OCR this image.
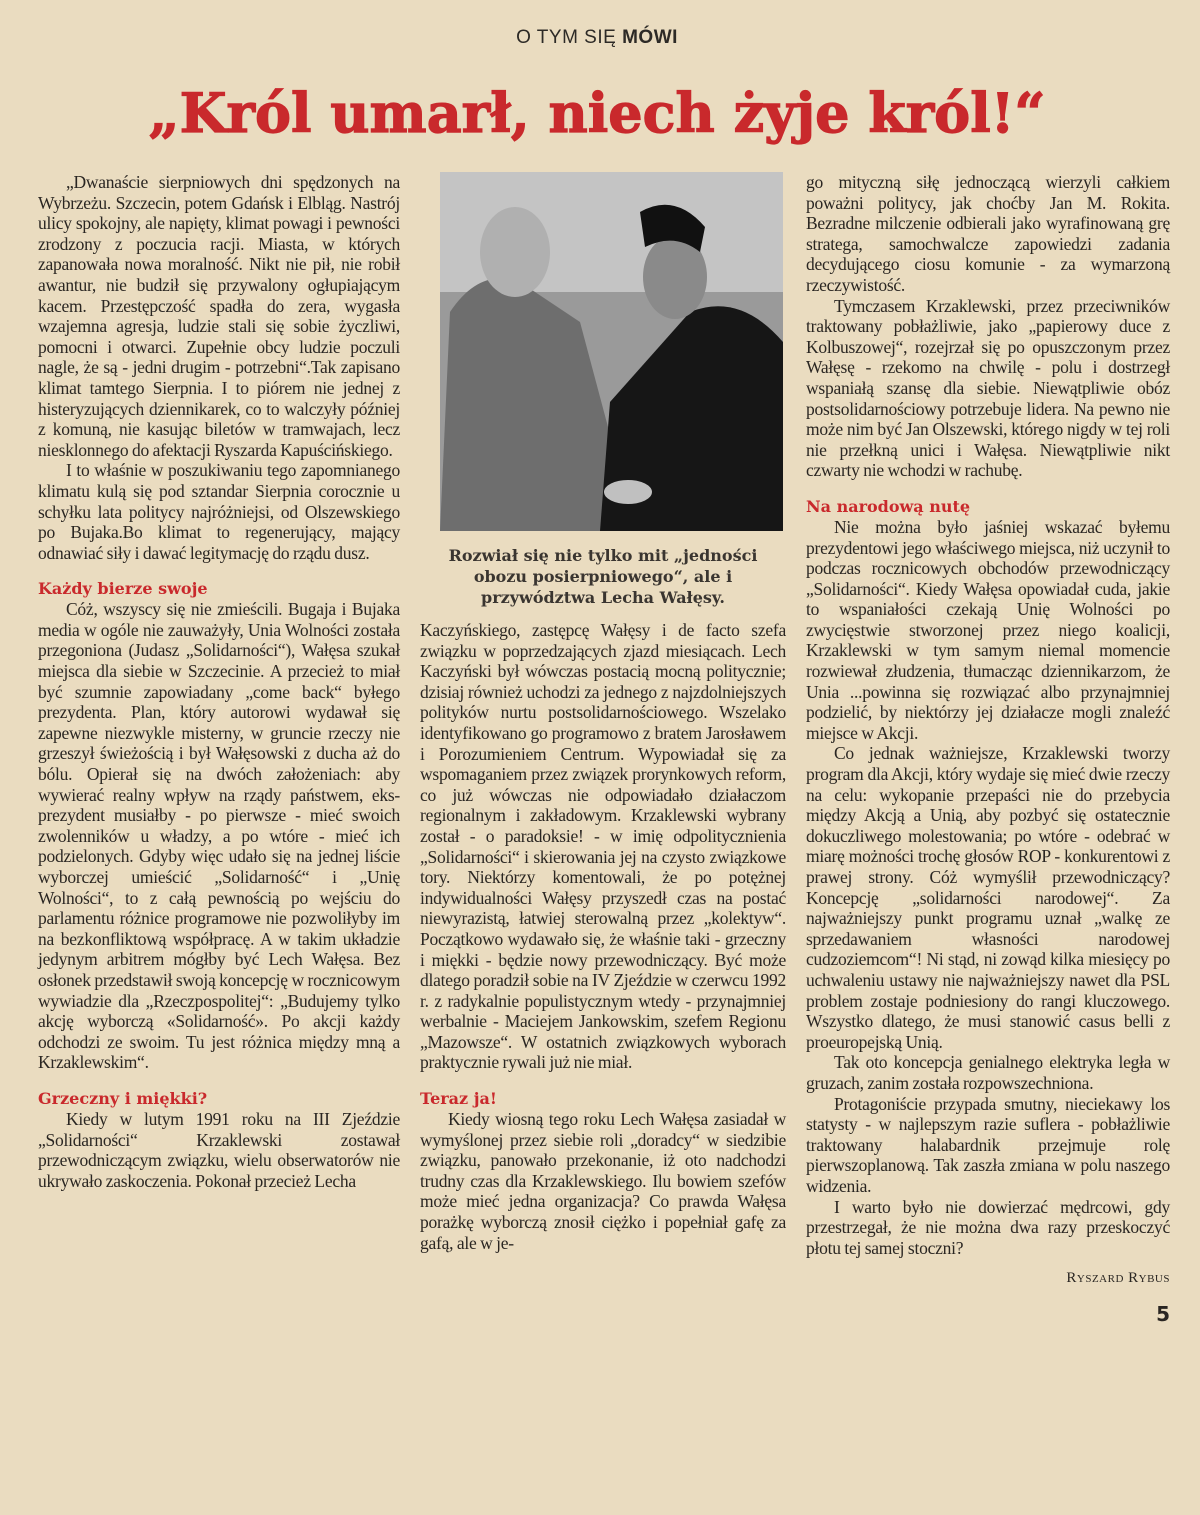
O TYM SIĘ MÓWI
„Król umarł, niech żyje król!“

„Dwanaście sierpniowych dni spędzonych na Wybrzeżu. Szczecin, potem Gdańsk i Elbląg. Nastrój ulicy spokojny, ale napięty, klimat powagi i pewności zrodzony z poczucia racji. Miasta, w których zapanowała nowa moralność. Nikt nie pił, nie robił awantur, nie budził się przywalony ogłupiającym kacem. Przestępczość spadła do zera, wygasła wzajemna agresja, ludzie stali się sobie życzliwi, pomocni i otwarci. Zupełnie obcy ludzie poczuli nagle, że są - jedni drugim - potrzebni“.Tak zapisano klimat tamtego Sierpnia. I to piórem nie jednej z histeryzujących dziennikarek, co to walczyły później z komuną, nie kasując biletów w tramwajach, lecz niesklonnego do afektacji Ryszarda Kapuścińskiego.

I to właśnie w poszukiwaniu tego zapomnianego klimatu kulą się pod sztandar Sierpnia corocznie u schyłku lata politycy najróżniejsi, od Olszewskiego po Bujaka.Bo klimat to regenerujący, mający odnawiać siły i dawać legitymację do rządu dusz.

Każdy bierze swoje

Cóż, wszyscy się nie zmieścili. Bugaja i Bujaka media w ogóle nie zauważyły, Unia Wolności została przegoniona (Judasz „Solidarności“), Wałęsa szukał miejsca dla siebie w Szczecinie. A przecież to miał być szumnie zapowiadany „come back“ byłego prezydenta. Plan, który autorowi wydawał się zapewne niezwykle misterny, w gruncie rzeczy nie grzeszył świeżością i był Wałęsowski z ducha aż do bólu. Opierał się na dwóch założeniach: aby wywierać realny wpływ na rządy państwem, eks-prezydent musiałby - po pierwsze - mieć swoich zwolenników u władzy, a po wtóre - mieć ich podzielonych. Gdyby więc udało się na jednej liście wyborczej umieścić „Solidarność“ i „Unię Wolności“, to z całą pewnością po wejściu do parlamentu różnice programowe nie pozwoliłyby im na bezkonfliktową współpracę. A w takim układzie jedynym arbitrem mógłby być Lech Wałęsa. Bez osłonek przedstawił swoją koncepcję w rocznicowym wywiadzie dla „Rzeczpospolitej“: „Budujemy tylko akcję wyborczą «Solidarność». Po akcji każdy odchodzi ze swoim. Tu jest różnica między mną a Krzaklewskim“.

Grzeczny i miękki?

Kiedy w lutym 1991 roku na III Zjeździe „Solidarności“ Krzaklewski zostawał przewodniczącym związku, wielu obserwatorów nie ukrywało zaskoczenia. Pokonał przecież Lecha

Rozwiał się nie tylko mit „jedności obozu posierpniowego“, ale i przywództwa Lecha Wałęsy.

Kaczyńskiego, zastępcę Wałęsy i de facto szefa związku w poprzedzających zjazd miesiącach. Lech Kaczyński był wówczas postacią mocną politycznie; dzisiaj również uchodzi za jednego z najzdolniejszych polityków nurtu postsolidarnościowego. Wszelako identyfikowano go programowo z bratem Jarosławem i Porozumieniem Centrum. Wypowiadał się za wspomaganiem przez związek prorynkowych reform, co już wówczas nie odpowiadało działaczom regionalnym i zakładowym. Krzaklewski wybrany został - o paradoksie! - w imię odpolitycznienia „Solidarności“ i skierowania jej na czysto związkowe tory. Niektórzy komentowali, że po potężnej indywidualności Wałęsy przyszedł czas na postać niewyrazistą, łatwiej sterowalną przez „kolektyw“. Początkowo wydawało się, że właśnie taki - grzeczny i miękki - będzie nowy przewodniczący. Być może dlatego poradził sobie na IV Zjeździe w czerwcu 1992 r. z radykalnie populistycznym wtedy - przynajmniej werbalnie - Maciejem Jankowskim, szefem Regionu „Mazowsze“. W ostatnich związkowych wyborach praktycznie rywali już nie miał.

Teraz ja!

Kiedy wiosną tego roku Lech Wałęsa zasiadał w wymyślonej przez siebie roli „doradcy“ w siedzibie związku, panowało przekonanie, iż oto nadchodzi trudny czas dla Krzaklewskiego. Ilu bowiem szefów może mieć jedna organizacja? Co prawda Wałęsa porażkę wyborczą znosił ciężko i popełniał gafę za gafą, ale w je-

go mityczną siłę jednoczącą wierzyli całkiem poważni politycy, jak choćby Jan M. Rokita. Bezradne milczenie odbierali jako wyrafinowaną grę stratega, samochwalcze zapowiedzi zadania decydującego ciosu komunie - za wymarzoną rzeczywistość.

Tymczasem Krzaklewski, przez przeciwników traktowany pobłażliwie, jako „papierowy duce z Kolbuszowej“, rozejrzał się po opuszczonym przez Wałęsę - rzekomo na chwilę - polu i dostrzegł wspaniałą szansę dla siebie. Niewątpliwie obóz postsolidarnościowy potrzebuje lidera. Na pewno nie może nim być Jan Olszewski, którego nigdy w tej roli nie przełkną unici i Wałęsa. Niewątpliwie nikt czwarty nie wchodzi w rachubę.

Na narodową nutę

Nie można było jaśniej wskazać byłemu prezydentowi jego właściwego miejsca, niż uczynił to podczas rocznicowych obchodów przewodniczący „Solidarności“. Kiedy Wałęsa opowiadał cuda, jakie to wspaniałości czekają Unię Wolności po zwycięstwie stworzonej przez niego koalicji, Krzaklewski w tym samym niemal momencie rozwiewał złudzenia, tłumacząc dziennikarzom, że Unia ...powinna się rozwiązać albo przynajmniej podzielić, by niektórzy jej działacze mogli znaleźć miejsce w Akcji.

Co jednak ważniejsze, Krzaklewski tworzy program dla Akcji, który wydaje się mieć dwie rzeczy na celu: wykopanie przepaści nie do przebycia między Akcją a Unią, aby pozbyć się ostatecznie dokuczliwego molestowania; po wtóre - odebrać w miarę możności trochę głosów ROP - konkurentowi z prawej strony. Cóż wymyślił przewodniczący? Koncepcję „solidarności narodowej“. Za najważniejszy punkt programu uznał „walkę ze sprzedawaniem własności narodowej cudzoziemcom“! Ni stąd, ni zowąd kilka miesięcy po uchwaleniu ustawy nie najważniejszy nawet dla PSL problem zostaje podniesiony do rangi kluczowego. Wszystko dlatego, że musi stanowić casus belli z proeuropejską Unią.

Tak oto koncepcja genialnego elektryka legła w gruzach, zanim została rozpowszechniona.

Protagoniście przypada smutny, nieciekawy los statysty - w najlepszym razie suflera - pobłażliwie traktowany halabardnik przejmuje rolę pierwszoplanową. Tak zaszła zmiana w polu naszego widzenia.

I warto było nie dowierzać mędrcowi, gdy przestrzegał, że nie można dwa razy przeskoczyć płotu tej samej stoczni?

Ryszard Rybus
5
